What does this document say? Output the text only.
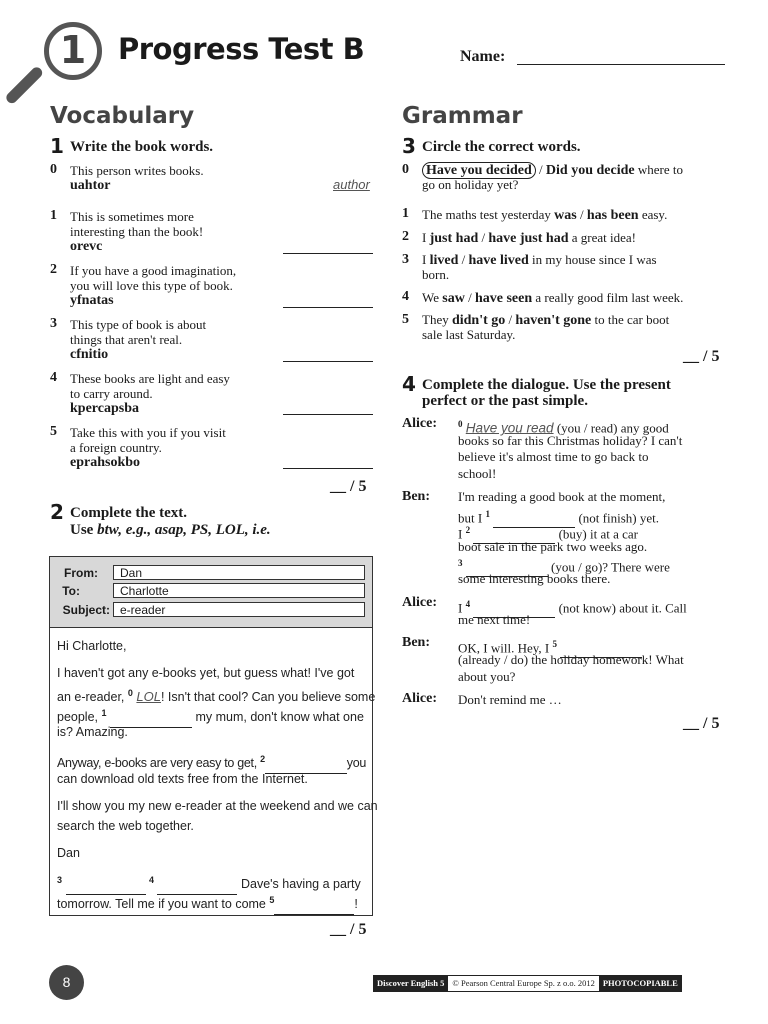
1	Progress Test B	Name:
Vocabulary
1 Write the book words.
0 This person writes books.
uahtor	author
1 This is sometimes more
interesting than the book!
orevc
2 If you have a good imagination,
you will love this type of book.
yfnatas
3 This type of book is about
things that aren't real.
cfnitio
4 These books are light and easy
to carry around.
kpercapsba
5 Take this with you if you visit
a foreign country.
eprahsokbo
__ / 5
2 Complete the text.
Use btw, e.g., asap, PS, LOL, i.e.
From:	Dan
To:	Charlotte
Subject: e-reader
Hi Charlotte,
I haven't got any e-books yet, but guess what! I've got
an e-reader, $^0$ LOL! Isn't that cool? Can you believe some
people, $^1$	my mum, don't know what one
is? Amazing.
Anyway, e-books are very easy to get, $^2$	you
can download old texts free from the Internet.
I'll show you my new e-reader at the weekend and we can
search the web together.
Dan
$^3$	$^4$	Dave's having a party
tomorrow. Tell me if you want to come $^5$	!
__ / 5
Grammar
3 Circle the correct words.
0 Have you decided / Did you decide where to
go on holiday yet?
1 The maths test yesterday was / has been easy.
2 I just had / have just had a great idea!
3 I lived / have lived in my house since I was
born.
4 We saw / have seen a really good film last week.
5 They didn't go / haven't gone to the car boot
sale last Saturday.
__ / 5
4 Complete the dialogue. Use the present
perfect or the past simple.
Alice: $^0$ Have you read (you / read) any good
books so far this Christmas holiday? I can't
believe it's almost time to go back to
school!
Ben: I'm reading a good book at the moment,
but I $^1$	(not finish) yet.
I $^2$	(buy) it at a car
boot sale in the park two weeks ago.
$^3$	(you / go)? There were
some interesting books there.
Alice: I $^4$	(not know) about it. Call
me next time!
Ben: OK, I will. Hey, I $^5$
(already / do) the holiday homework! What
about you?
Alice: Don't remind me …
__ / 5
8	Discover English 5 © Pearson Central Europe Sp. z o.o. 2012 PHOTOCOPIABLE
